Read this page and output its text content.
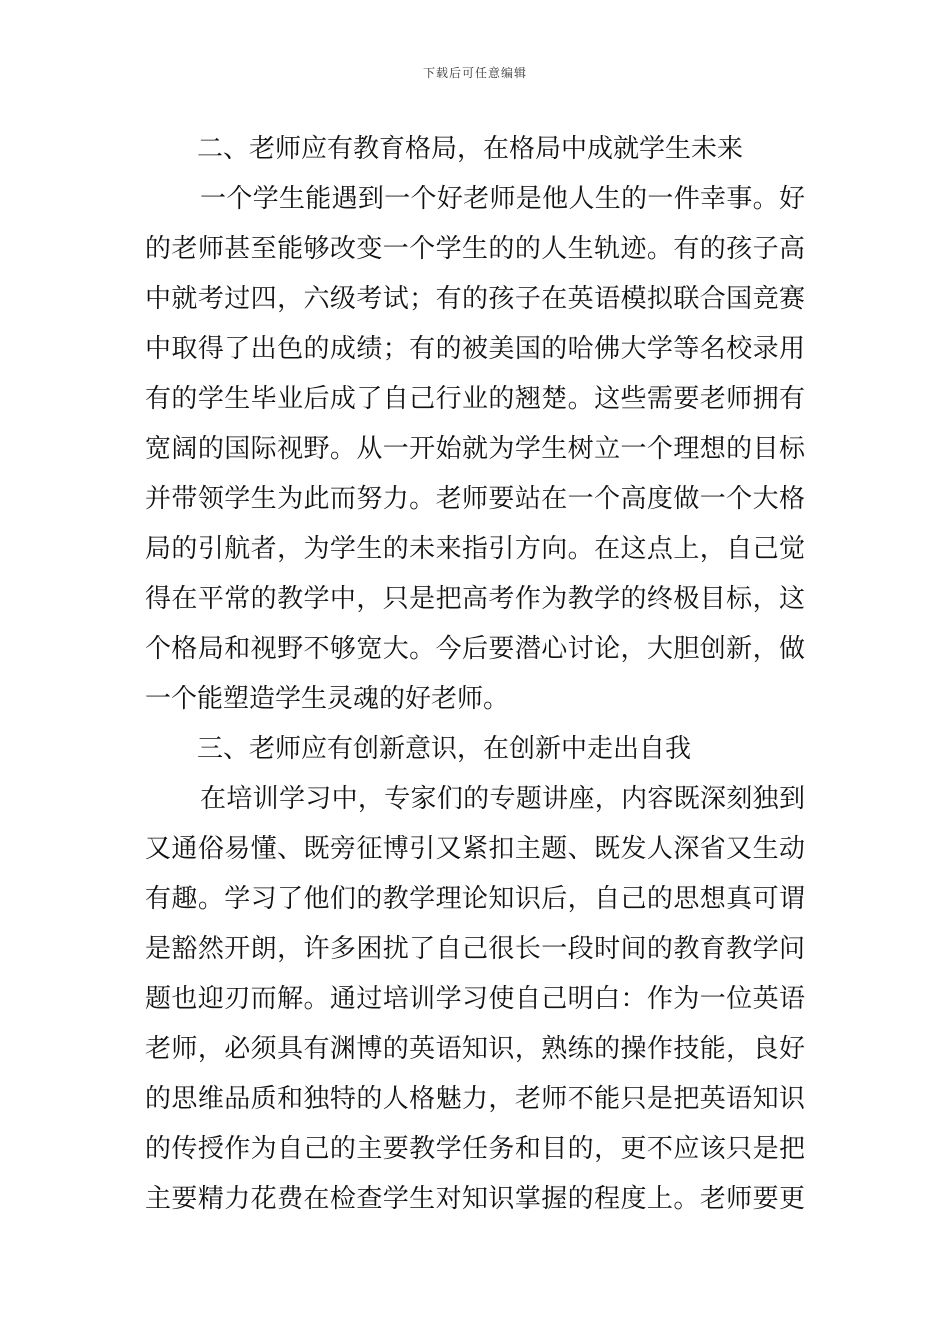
下载后可任意编辑
二、老师应有教育格局，在格局中成就学生未来
一个学生能遇到一个好老师是他人生的一件幸事。好
的老师甚至能够改变一个学生的的人生轨迹。有的孩子高
中就考过四，六级考试；有的孩子在英语模拟联合国竞赛
中取得了出色的成绩；有的被美国的哈佛大学等名校录用
有的学生毕业后成了自己行业的翘楚。这些需要老师拥有
宽阔的国际视野。从一开始就为学生树立一个理想的目标
并带领学生为此而努力。老师要站在一个高度做一个大格
局的引航者，为学生的未来指引方向。在这点上，自己觉
得在平常的教学中，只是把高考作为教学的终极目标，这
个格局和视野不够宽大。今后要潜心讨论，大胆创新，做
一个能塑造学生灵魂的好老师。
三、老师应有创新意识，在创新中走出自我
在培训学习中，专家们的专题讲座，内容既深刻独到
又通俗易懂、既旁征博引又紧扣主题、既发人深省又生动
有趣。学习了他们的教学理论知识后，自己的思想真可谓
是豁然开朗，许多困扰了自己很长一段时间的教育教学问
题也迎刃而解。通过培训学习使自己明白：作为一位英语
老师，必须具有渊博的英语知识，熟练的操作技能，良好
的思维品质和独特的人格魅力，老师不能只是把英语知识
的传授作为自己的主要教学任务和目的，更不应该只是把
主要精力花费在检查学生对知识掌握的程度上。老师要更
